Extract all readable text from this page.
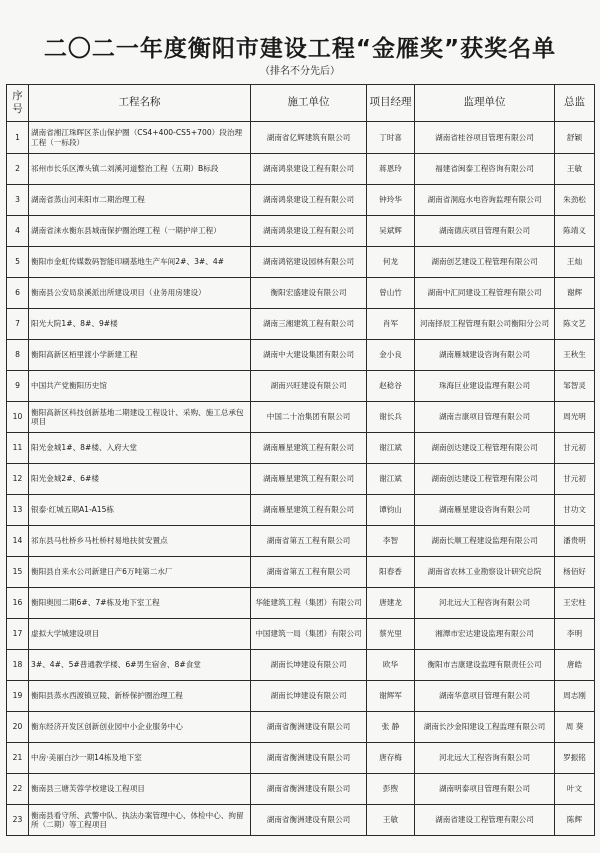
二〇二一年度衡阳市建设工程“金雁奖”获奖名单
（排名不分先后）
序号	工程名称	施工单位	项目经理	监理单位	总监
1	湖南省湘江珠晖区茶山保护圈（CS4+400-CS5+700）段治理工程（一标段）	湖南省亿辉建筑有限公司	丁时喜	湖南省桂谷项目管理有限公司	舒颖
2	祁州市长乐区潭头镇二刘溪河道整治工程（五期）B标段	湖南鸿泉建设工程有限公司	蒋恩玲	福建省闽泰工程咨询有限公司	王敏
3	湖南省蒸山河耒阳市二期治理工程	湖南鸿泉建设工程有限公司	钟玲华	湖南省洞庭水电咨询监理有限公司	朱劲松
4	湖南省涞水衡东县城南保护圈治理工程（一期护岸工程）	湖南鸿泉建设工程有限公司	吴斌辉	湖南德庆项目管理有限公司	陈靖义
5	衡阳市金虹传媒数码智能印刷基地生产车间2#、3#、4#	湖南鸿铭建设园林有限公司	何龙	湖南创艺建设工程管理有限公司	王灿
6	衡南县公安局泉溪派出所建设项目（业务用房建设）	衡阳宏盛建设有限公司	曾山竹	湖南中汇同建设工程管理有限公司	谢辉
7	阳光大院1#、8#、9#楼	湖南三湘建筑工程有限公司	肖军	河南择辰工程管理有限公司衡阳分公司	陈文艺
8	衡阳高新区栢里渡小学新建工程	湖南中大建设集团有限公司	金小良	湖南雁城建设咨询有限公司	王秋生
9	中国共产党衡阳历史馆	湖南兴旺建设有限公司	赵稔谷	珠海巨业建设监理有限公司	邹智灵
10	衡阳高新区科技创新基地二期建设工程设计、采购、施工总承包项目	中国二十冶集团有限公司	谢长兵	湖南吉康项目管理有限公司	周光明
11	阳光金城1#、8#楼、入府大堂	湖南雁星建筑工程有限公司	谢江斌	湖南创达建设工程管理有限公司	甘元初
12	阳光金城2#、6#楼	湖南雁星建筑工程有限公司	谢江斌	湖南创达建设工程管理有限公司	甘元初
13	银泰·红城五期A1-A15栋	湖南雁星建筑工程有限公司	谭钧山	湖南雁星建设咨询有限公司	甘功文
14	祁东县马杜桥乡马杜桥村易地扶贫安置点	湖南省第五工程有限公司	李智	湖南长顺工程建设监理有限公司	潘贵明
15	衡阳县自来水公司新建日产6万吨第二水厂	湖南省第五工程有限公司	阳春香	湖南省农林工业勘察设计研究总院	杨佰好
16	衡阳奥园二期6#、7#栋及地下室工程	华能建筑工程（集团）有限公司	唐建龙	河北远大工程咨询有限公司	王宏柱
17	虚拟大学城建设项目	中国建筑一局（集团）有限公司	蔡光里	湘潭市宏达建设监理有限公司	李明
18	3#、4#、5#普通教学楼、6#男生宿舍、8#食堂	湖南长坤建设有限公司	欧华	衡阳市吉康建设监理有限责任公司	唐皓
19	衡阳县蒸水西渡镇豆陵、新桥保护圈治理工程	湖南长坤建设有限公司	谢辉军	湖南华意项目管理有限公司	周志刚
20	衡东经济开发区创新创业园中小企业服务中心	湖南省衡洲建设有限公司	张 静	湖南长沙金阳建设工程监理有限公司	周 葵
21	中房·美丽白沙一期14栋及地下室	湖南省衡洲建设有限公司	唐存梅	河北远大工程咨询有限公司	罗振铭
22	衡南县三塘芙蓉学校建设工程项目	湖南省衡洲建设有限公司	彭煦	湖南明泰项目管理有限公司	叶文
23	衡南县看守所、武警中队、执法办案管理中心、体检中心、拘留所（二期）等工程项目	湖南省衡洲建设有限公司	王敏	湖南省建设工程管理有限公司	陈辉
